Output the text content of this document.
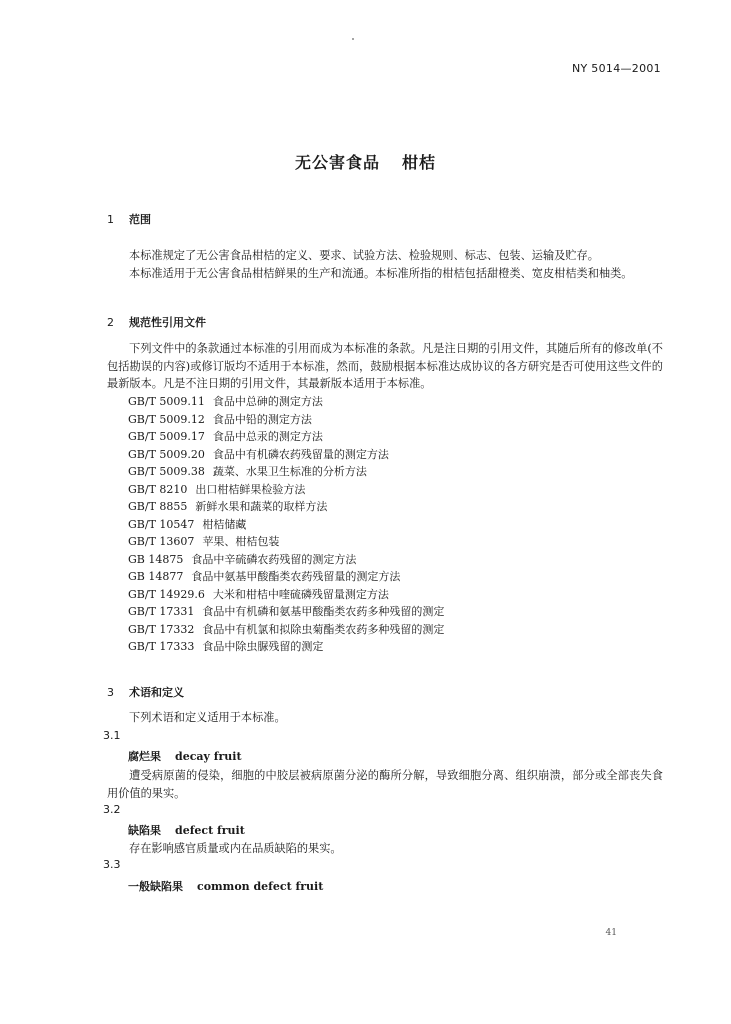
NY 5014—2001
无公害食品 柑桔
1 范围
本标准规定了无公害食品柑桔的定义、要求、试验方法、检验规则、标志、包装、运输及贮存。
本标准适用于无公害食品柑桔鲜果的生产和流通。本标准所指的柑桔包括甜橙类、宽皮柑桔类和柚类。
2 规范性引用文件
下列文件中的条款通过本标准的引用而成为本标准的条款。凡是注日期的引用文件，其随后所有的修改单(不包括勘误的内容)或修订版均不适用于本标准，然而，鼓励根据本标准达成协议的各方研究是否可使用这些文件的最新版本。凡是不注日期的引用文件，其最新版本适用于本标准。
GB/T 5009.11 食品中总砷的测定方法
GB/T 5009.12 食品中铅的测定方法
GB/T 5009.17 食品中总汞的测定方法
GB/T 5009.20 食品中有机磷农药残留量的测定方法
GB/T 5009.38 蔬菜、水果卫生标准的分析方法
GB/T 8210 出口柑桔鲜果检验方法
GB/T 8855 新鲜水果和蔬菜的取样方法
GB/T 10547 柑桔储藏
GB/T 13607 苹果、柑桔包装
GB 14875 食品中辛硫磷农药残留的测定方法
GB 14877 食品中氨基甲酸酯类农药残留量的测定方法
GB/T 14929.6 大米和柑桔中喹硫磷残留量测定方法
GB/T 17331 食品中有机磷和氨基甲酸酯类农药多种残留的测定
GB/T 17332 食品中有机氯和拟除虫菊酯类农药多种残留的测定
GB/T 17333 食品中除虫脲残留的测定
3 术语和定义
下列术语和定义适用于本标准。
3.1
腐烂果 decay fruit
遭受病原菌的侵染，细胞的中胶层被病原菌分泌的酶所分解，导致细胞分离、组织崩溃，部分或全部丧失食用价值的果实。
3.2
缺陷果 defect fruit
存在影响感官质量或内在品质缺陷的果实。
3.3
一般缺陷果 common defect fruit
41
